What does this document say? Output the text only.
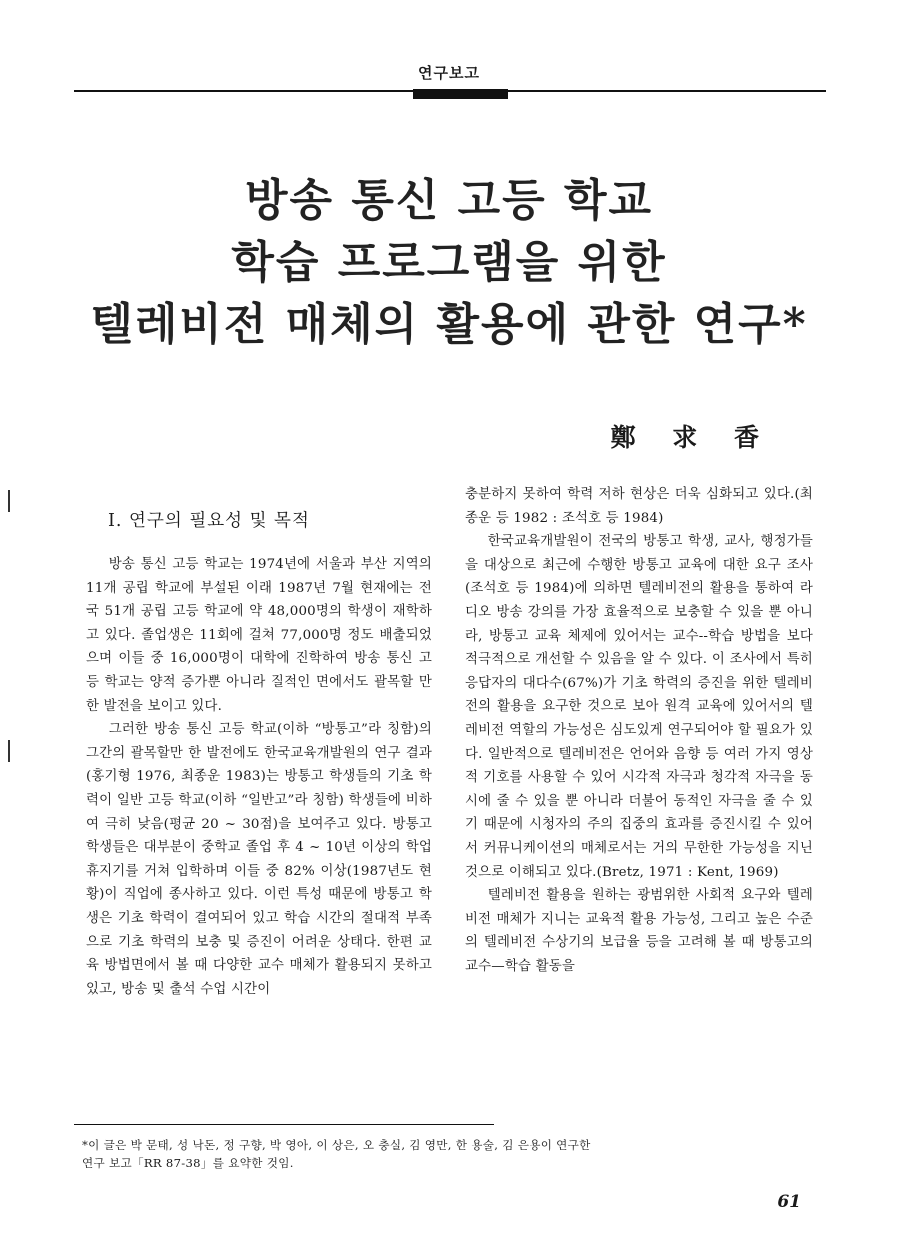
연구보고
방송 통신 고등 학교
학습 프로그램을 위한
텔레비전 매체의 활용에 관한 연구*
鄭 求 香
Ⅰ. 연구의 필요성 및 목적

방송 통신 고등 학교는 1974년에 서울과 부산 지역의 11개 공립 학교에 부설된 이래 1987년 7월 현재에는 전국 51개 공립 고등 학교에 약 48,000명의 학생이 재학하고 있다. 졸업생은 11회에 걸쳐 77,000명 정도 배출되었으며 이들 중 16,000명이 대학에 진학하여 방송 통신 고등 학교는 양적 증가뿐 아니라 질적인 면에서도 괄목할 만한 발전을 보이고 있다.

그러한 방송 통신 고등 학교(이하 “방통고”라 칭함)의 그간의 괄목할만 한 발전에도 한국교육개발원의 연구 결과(홍기형 1976, 최종운 1983)는 방통고 학생들의 기초 학력이 일반 고등 학교(이하 “일반고”라 칭함) 학생들에 비하여 극히 낮음(평균 20 ~ 30점)을 보여주고 있다. 방통고 학생들은 대부분이 중학교 졸업 후 4 ~ 10년 이상의 학업 휴지기를 거쳐 입학하며 이들 중 82% 이상(1987년도 현황)이 직업에 종사하고 있다. 이런 특성 때문에 방통고 학생은 기초 학력이 결여되어 있고 학습 시간의 절대적 부족으로 기초 학력의 보충 및 증진이 어려운 상태다. 한편 교육 방법면에서 볼 때 다양한 교수 매체가 활용되지 못하고 있고, 방송 및 출석 수업 시간이

충분하지 못하여 학력 저하 현상은 더욱 심화되고 있다.(최종운 등 1982 : 조석호 등 1984)

한국교육개발원이 전국의 방통고 학생, 교사, 행정가들을 대상으로 최근에 수행한 방통고 교육에 대한 요구 조사(조석호 등 1984)에 의하면 텔레비전의 활용을 통하여 라디오 방송 강의를 가장 효율적으로 보충할 수 있을 뿐 아니라, 방통고 교육 체제에 있어서는 교수--학습 방법을 보다 적극적으로 개선할 수 있음을 알 수 있다. 이 조사에서 특히 응답자의 대다수(67%)가 기초 학력의 증진을 위한 텔레비전의 활용을 요구한 것으로 보아 원격 교육에 있어서의 텔레비전 역할의 가능성은 심도있게 연구되어야 할 필요가 있다. 일반적으로 텔레비전은 언어와 음향 등 여러 가지 영상적 기호를 사용할 수 있어 시각적 자극과 청각적 자극을 동시에 줄 수 있을 뿐 아니라 더불어 동적인 자극을 줄 수 있기 때문에 시청자의 주의 집중의 효과를 증진시킬 수 있어서 커뮤니케이션의 매체로서는 거의 무한한 가능성을 지닌 것으로 이해되고 있다.(Bretz, 1971 : Kent, 1969)

텔레비전 활용을 원하는 광범위한 사회적 요구와 텔레비전 매체가 지니는 교육적 활용 가능성, 그리고 높은 수준의 텔레비전 수상기의 보급율 등을 고려해 볼 때 방통고의 교수—학습 활동을

*이 글은 박 문태, 성 낙돈, 정 구향, 박 영아, 이 상은, 오 충실, 김 영만, 한 용술, 김 은용이 연구한
연구 보고「RR 87-38」를 요약한 것임.
61
